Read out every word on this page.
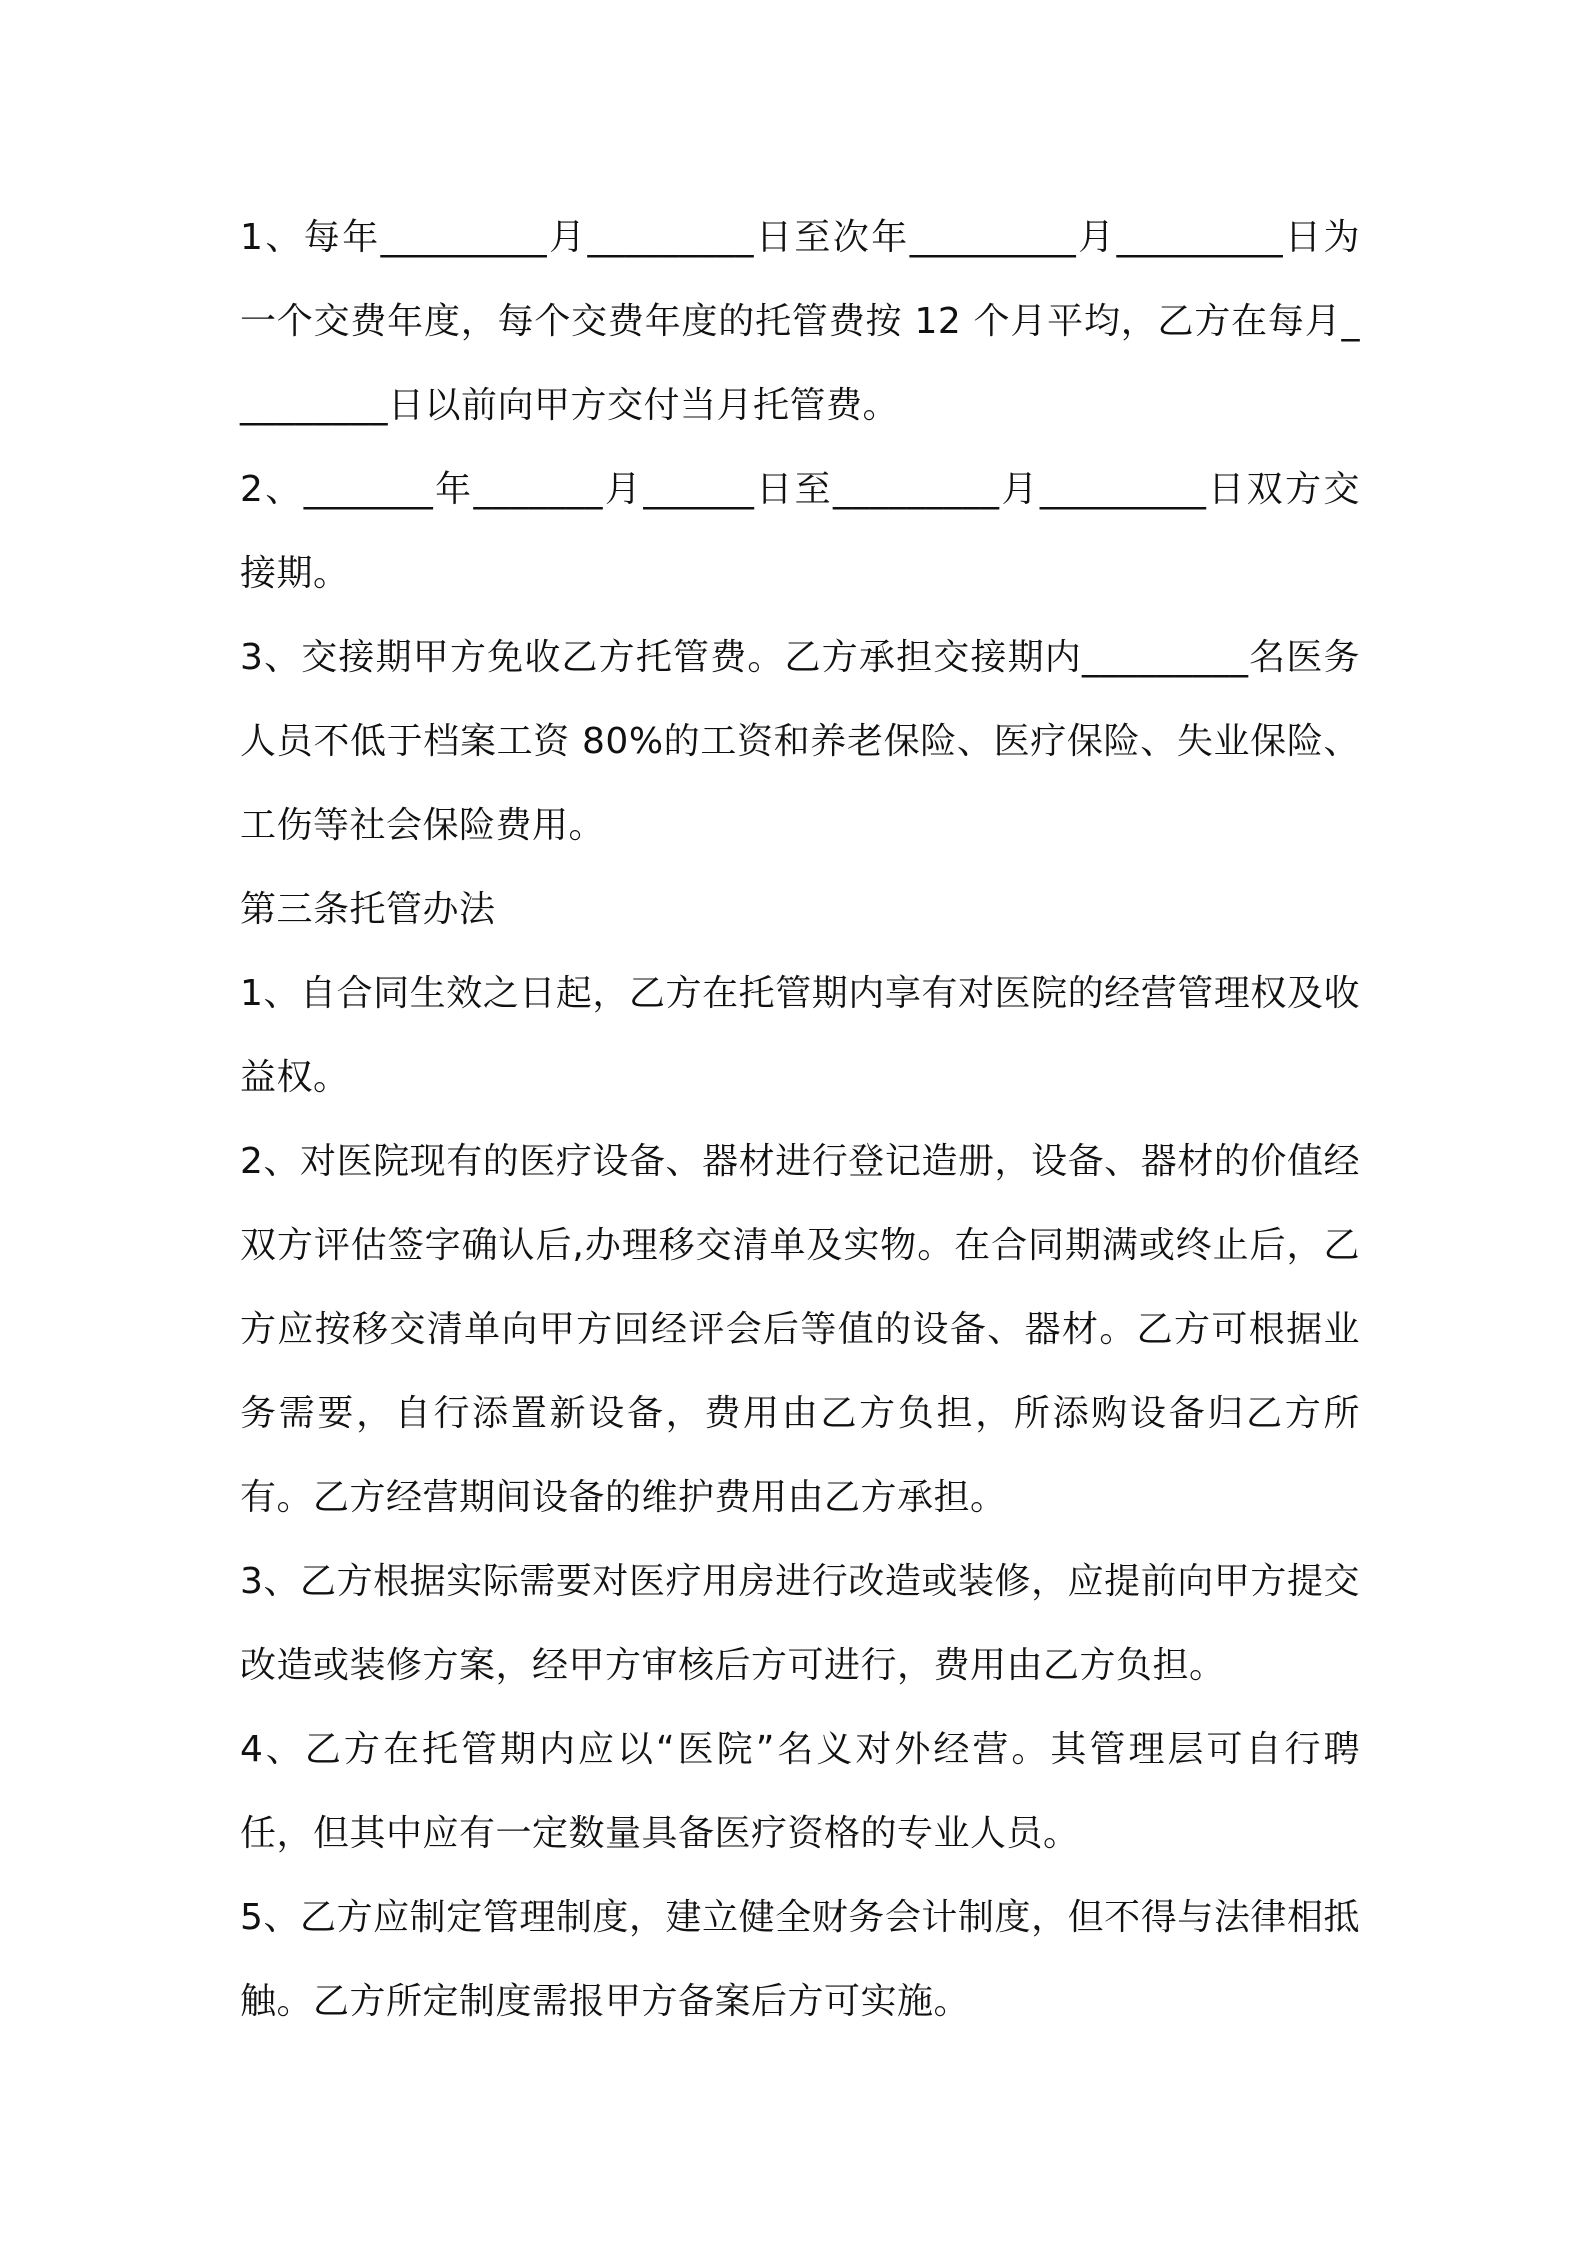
1、每年_________月_________日至次年_________月_________日为一个交费年度，每个交费年度的托管费按 12 个月平均，乙方在每月_________日以前向甲方交付当月托管费。

2、_______年_______月______日至_________月_________日双方交接期。

3、交接期甲方免收乙方托管费。乙方承担交接期内_________名医务人员不低于档案工资 80%的工资和养老保险、医疗保险、失业保险、工伤等社会保险费用。

第三条托管办法

1、自合同生效之日起，乙方在托管期内享有对医院的经营管理权及收益权。

2、对医院现有的医疗设备、器材进行登记造册，设备、器材的价值经双方评估签字确认后,办理移交清单及实物。在合同期满或终止后，乙方应按移交清单向甲方回经评会后等值的设备、器材。乙方可根据业务需要，自行添置新设备，费用由乙方负担，所添购设备归乙方所有。乙方经营期间设备的维护费用由乙方承担。

3、乙方根据实际需要对医疗用房进行改造或装修，应提前向甲方提交改造或装修方案，经甲方审核后方可进行，费用由乙方负担。

4、乙方在托管期内应以“医院”名义对外经营。其管理层可自行聘任，但其中应有一定数量具备医疗资格的专业人员。

5、乙方应制定管理制度，建立健全财务会计制度，但不得与法律相抵触。乙方所定制度需报甲方备案后方可实施。
